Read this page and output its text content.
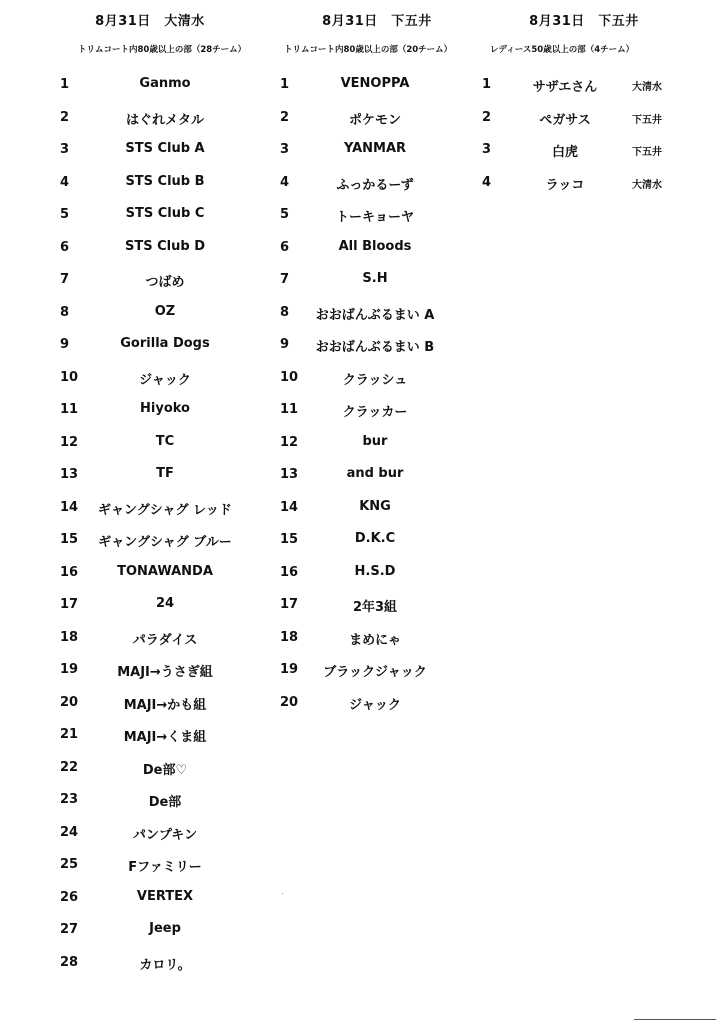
8月31日　大清水
トリムコート内80歳以上の部（28チーム）
1	Ganmo
2	はぐれメタル
3	STS Club A
4	STS Club B
5	STS Club C
6	STS Club D
7	つばめ
8	OZ
9	Gorilla Dogs
10	ジャック
11	Hiyoko
12	TC
13	TF
14	ギャングシャグ レッド
15	ギャングシャグ ブルー
16	TONAWANDA
17	24
18	パラダイス
19	MAJI→うさぎ組
20	MAJI→かも組
21	MAJI→くま組
22	De部♡
23	De部
24	パンプキン
25	Fファミリー
26	VERTEX
27	Jeep
28	カロリ。
8月31日　下五井
トリムコート内80歳以上の部（20チーム）
1	VENOPPA
2	ポケモン
3	YANMAR
4	ふっかるーず
5	トーキョーヤ
6	All Bloods
7	S.H
8	おおばんぶるまい A
9	おおばんぶるまい B
10	クラッシュ
11	クラッカー
12	bur
13	and bur
14	KNG
15	D.K.C
16	H.S.D
17	2年3組
18	まめにゃ
19	ブラックジャック
20	ジャック
8月31日　下五井
レディース50歳以上の部（4チーム）
1	サザエさん	大清水
2	ペガサス	下五井
3	白虎	下五井
4	ラッコ	大清水
